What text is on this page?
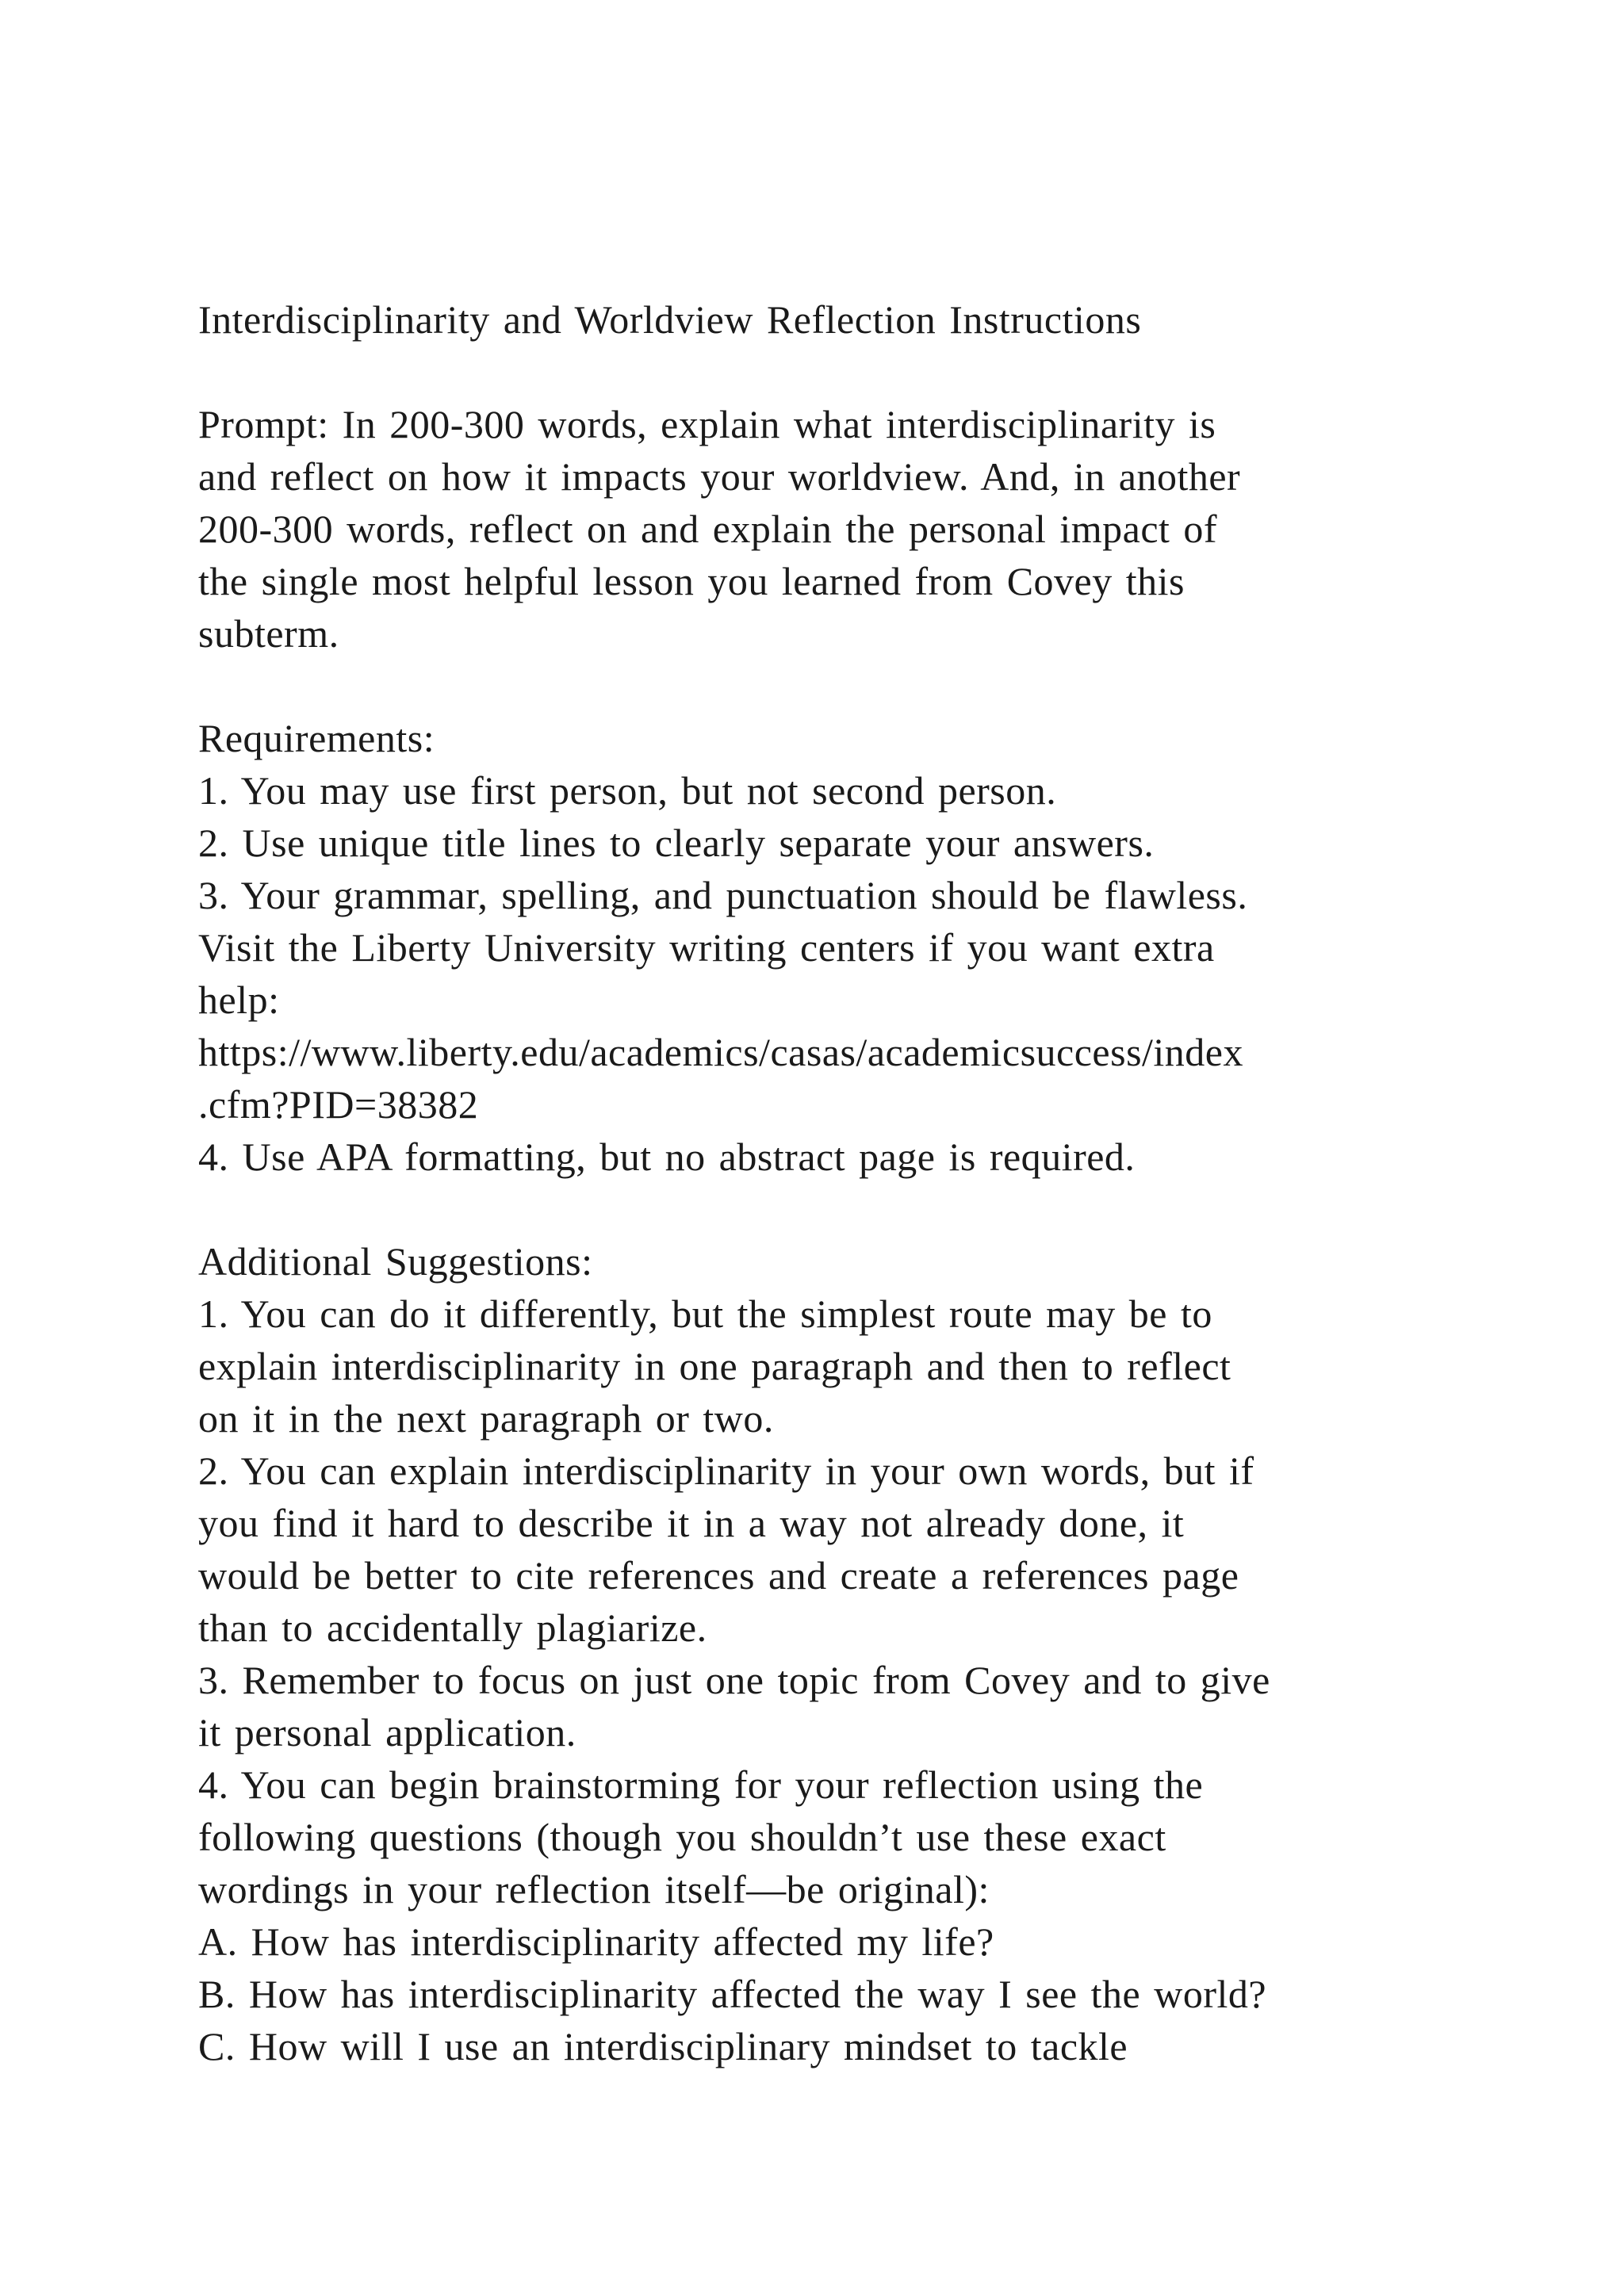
Interdisciplinarity and Worldview Reflection Instructions
Prompt: In 200-300 words, explain what interdisciplinarity is
and reflect on how it impacts your worldview. And, in another
200-300 words, reflect on and explain the personal impact of
the single most helpful lesson you learned from Covey this
subterm.
Requirements:
1. You may use first person, but not second person.
2. Use unique title lines to clearly separate your answers.
3. Your grammar, spelling, and punctuation should be flawless.
Visit the Liberty University writing centers if you want extra
help:
https://www.liberty.edu/academics/casas/academicsuccess/index
.cfm?PID=38382
4. Use APA formatting, but no abstract page is required.
Additional Suggestions:
1. You can do it differently, but the simplest route may be to
explain interdisciplinarity in one paragraph and then to reflect
on it in the next paragraph or two.
2. You can explain interdisciplinarity in your own words, but if
you find it hard to describe it in a way not already done, it
would be better to cite references and create a references page
than to accidentally plagiarize.
3. Remember to focus on just one topic from Covey and to give
it personal application.
4. You can begin brainstorming for your reflection using the
following questions (though you shouldn’t use these exact
wordings in your reflection itself—be original):
A. How has interdisciplinarity affected my life?
B. How has interdisciplinarity affected the way I see the world?
C. How will I use an interdisciplinary mindset to tackle
